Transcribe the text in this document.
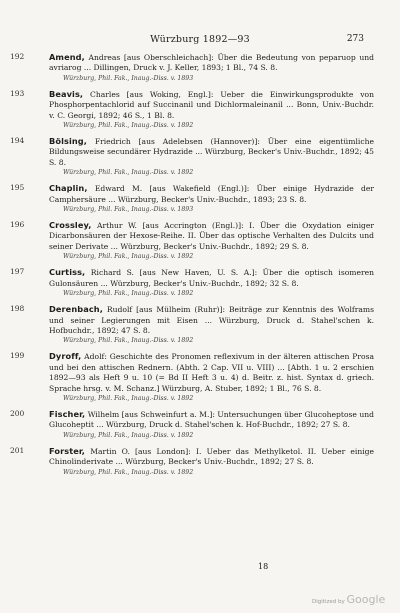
Würzburg 1892—93	273
192	Amend, Andreas [aus Oberschleichach]: Über die Bedeutung von peparuop und avriarog ... Dillingen, Druck v. J. Keller, 1893; 1 Bl., 74 S. 8.
Würzburg, Phil. Fak., Inaug.-Diss. v. 1893
193	Beavis, Charles [aus Woking, Engl.]: Ueber die Einwirkungsprodukte von Phosphorpentachlorid auf Succinanil und Dichlormaleinanil ... Bonn, Univ.-Buchdr. v. C. Georgi, 1892; 46 S., 1 Bl. 8.
Würzburg, Phil. Fak., Inaug.-Diss. v. 1892
194	Bölsing, Friedrich [aus Adelebsen (Hannover)]: Über eine eigentümliche Bildungsweise secundärer Hydrazide ... Würzburg, Becker's Univ.-Buchdr., 1892; 45 S. 8.
Würzburg, Phil. Fak., Inaug.-Diss. v. 1892
195	Chaplin, Edward M. [aus Wakefield (Engl.)]: Über einige Hydrazide der Camphersäure ... Würzburg, Becker's Univ.-Buchdr., 1893; 23 S. 8.
Würzburg, Phil. Fak., Inaug.-Diss. v. 1893
196	Crossley, Arthur W. [aus Accrington (Engl.)]: I. Über die Oxydation einiger Dicarbonsäuren der Hexose-Reihe. II. Über das optische Verhalten des Dulcits und seiner Derivate ... Würzburg, Becker's Univ.-Buchdr., 1892; 29 S. 8.
Würzburg, Phil. Fak., Inaug.-Diss. v. 1892
197	Curtiss, Richard S. [aus New Haven, U. S. A.]: Über die optisch isomeren Gulonsäuren ... Würzburg, Becker's Univ.-Buchdr., 1892; 32 S. 8.
Würzburg, Phil. Fak., Inaug.-Diss. v. 1892
198	Derenbach, Rudolf [aus Mülheim (Ruhr)]: Beiträge zur Kenntnis des Wolframs und seiner Legierungen mit Eisen ... Würzburg, Druck d. Stahel'schen k. Hofbuchdr., 1892; 47 S. 8.
Würzburg, Phil. Fak., Inaug.-Diss. v. 1892
199	Dyroff, Adolf: Geschichte des Pronomen reflexivum in der älteren attischen Prosa und bei den attischen Rednern. (Abth. 2 Cap. VII u. VIII) ... [Abth. 1 u. 2 erschien 1892—93 als Heft 9 u. 10 (= Bd II Heft 3 u. 4) d. Beitr. z. hist. Syntax d. griech. Sprache hrsg. v. M. Schanz.] Würzburg, A. Stuber, 1892; 1 Bl., 76 S. 8.
Würzburg, Phil. Fak., Inaug.-Diss. v. 1892
200	Fischer, Wilhelm [aus Schweinfurt a. M.]: Untersuchungen über Glucoheptose und Glucoheptit ... Würzburg, Druck d. Stahel'schen k. Hof-Buchdr., 1892; 27 S. 8.
Würzburg, Phil. Fak., Inaug.-Diss. v. 1892
201	Forster, Martin O. [aus London]: I. Ueber das Methylketol. II. Ueber einige Chinolinderivate ... Würzburg, Becker's Univ.-Buchdr., 1892; 27 S. 8.
Würzburg, Phil. Fak., Inaug.-Diss. v. 1892
18
Digitized by Google
